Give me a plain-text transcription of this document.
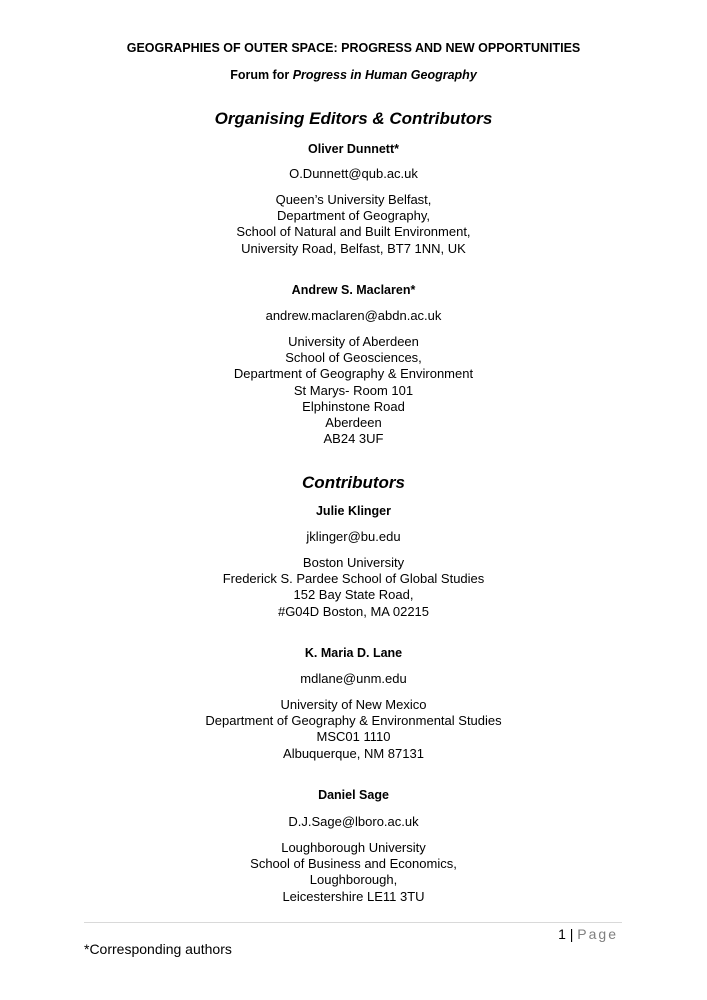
GEOGRAPHIES OF OUTER SPACE: PROGRESS AND NEW OPPORTUNITIES

Forum for Progress in Human Geography

Organising Editors & Contributors

Oliver Dunnett*

O.Dunnett@qub.ac.uk

Queen’s University Belfast,
Department of Geography,
School of Natural and Built Environment,
University Road, Belfast, BT7 1NN, UK

Andrew S. Maclaren*

andrew.maclaren@abdn.ac.uk

University of Aberdeen
School of Geosciences,
Department of Geography & Environment
St Marys- Room 101
Elphinstone Road
Aberdeen
AB24 3UF

Contributors

Julie Klinger

jklinger@bu.edu

Boston University
Frederick S. Pardee School of Global Studies
152 Bay State Road,
#G04D Boston, MA 02215

K. Maria D. Lane

mdlane@unm.edu

University of New Mexico
Department of Geography & Environmental Studies
MSC01 1110
Albuquerque, NM 87131

Daniel Sage

D.J.Sage@lboro.ac.uk

Loughborough University
School of Business and Economics,
Loughborough,
Leicestershire LE11 3TU
1 | Page
*Corresponding authors
